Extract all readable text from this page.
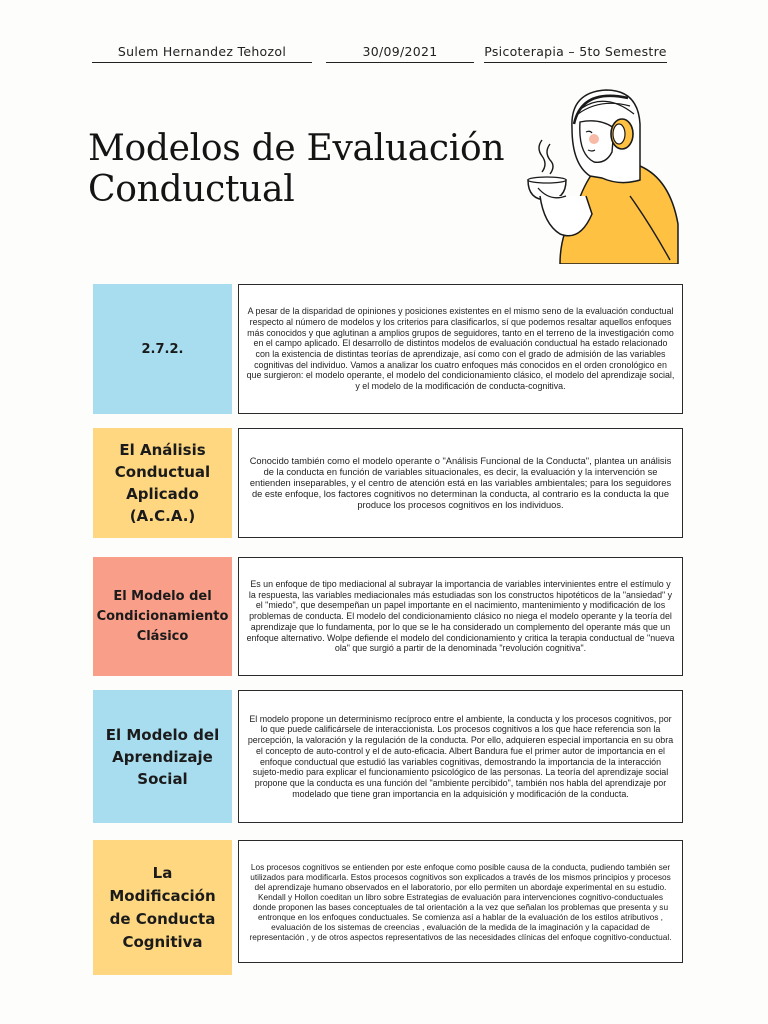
Sulem Hernandez Tehozol	30/09/2021	Psicoterapia – 5to Semestre
Modelos de Evaluación
Conductual
2.7.2.

A pesar de la disparidad de opiniones y posiciones existentes en el mismo seno de la evaluación conductual respecto al número de modelos y los criterios para clasificarlos, sí que podemos resaltar aquellos enfoques más conocidos y que aglutinan a amplios grupos de seguidores, tanto en el terreno de la investigación como en el campo aplicado. El desarrollo de distintos modelos de evaluación conductual ha estado relacionado con la existencia de distintas teorías de aprendizaje, así como con el grado de admisión de las variables cognitivas del individuo. Vamos a analizar los cuatro enfoques más conocidos en el orden cronológico en que surgieron: el modelo operante, el modelo del condicionamiento clásico, el modelo del aprendizaje social, y el modelo de la modificación de conducta-cognitiva.

El Análisis Conductual Aplicado (A.C.A.)

Conocido también como el modelo operante o "Análisis Funcional de la Conducta", plantea un análisis de la conducta en función de variables situacionales, es decir, la evaluación y la intervención se entienden inseparables, y el centro de atención está en las variables ambientales; para los seguidores de este enfoque, los factores cognitivos no determinan la conducta, al contrario es la conducta la que produce los procesos cognitivos en los individuos.

El Modelo del Condicionamiento Clásico

Es un enfoque de tipo mediacional al subrayar la importancia de variables intervinientes entre el estímulo y la respuesta, las variables mediacionales más estudiadas son los constructos hipotéticos de la "ansiedad" y el "miedo", que desempeñan un papel importante en el nacimiento, mantenimiento y modificación de los problemas de conducta. El modelo del condicionamiento clásico no niega el modelo operante y la teoría del aprendizaje que lo fundamenta, por lo que se le ha considerado un complemento del operante más que un enfoque alternativo. Wolpe defiende el modelo del condicionamiento y critica la terapia conductual de "nueva ola" que surgió a partir de la denominada "revolución cognitiva".

El Modelo del Aprendizaje Social

El modelo propone un determinismo recíproco entre el ambiente, la conducta y los procesos cognitivos, por lo que puede calificársele de interaccionista. Los procesos cognitivos a los que hace referencia son la percepción, la valoración y la regulación de la conducta. Por ello, adquieren especial importancia en su obra el concepto de auto-control y el de auto-eficacia. Albert Bandura fue el primer autor de importancia en el enfoque conductual que estudió las variables cognitivas, demostrando la importancia de la interacción sujeto-medio para explicar el funcionamiento psicológico de las personas. La teoría del aprendizaje social propone que la conducta es una función del "ambiente percibido", también nos habla del aprendizaje por modelado que tiene gran importancia en la adquisición y modificación de la conducta.

La Modificación de Conducta Cognitiva

Los procesos cognitivos se entienden por este enfoque como posible causa de la conducta, pudiendo también ser utilizados para modificarla. Estos procesos cognitivos son explicados a través de los mismos principios y procesos del aprendizaje humano observados en el laboratorio, por ello permiten un abordaje experimental en su estudio.
Kendall y Hollon coeditan un libro sobre Estrategias de evaluación para intervenciones cognitivo-conductuales donde proponen las bases conceptuales de tal orientación a la vez que señalan los problemas que presenta y su entronque en los enfoques conductuales. Se comienza así a hablar de la evaluación de los estilos atributivos , evaluación de los sistemas de creencias , evaluación de la medida de la imaginación y la capacidad de representación , y de otros aspectos representativos de las necesidades clínicas del enfoque cognitivo-conductual.
